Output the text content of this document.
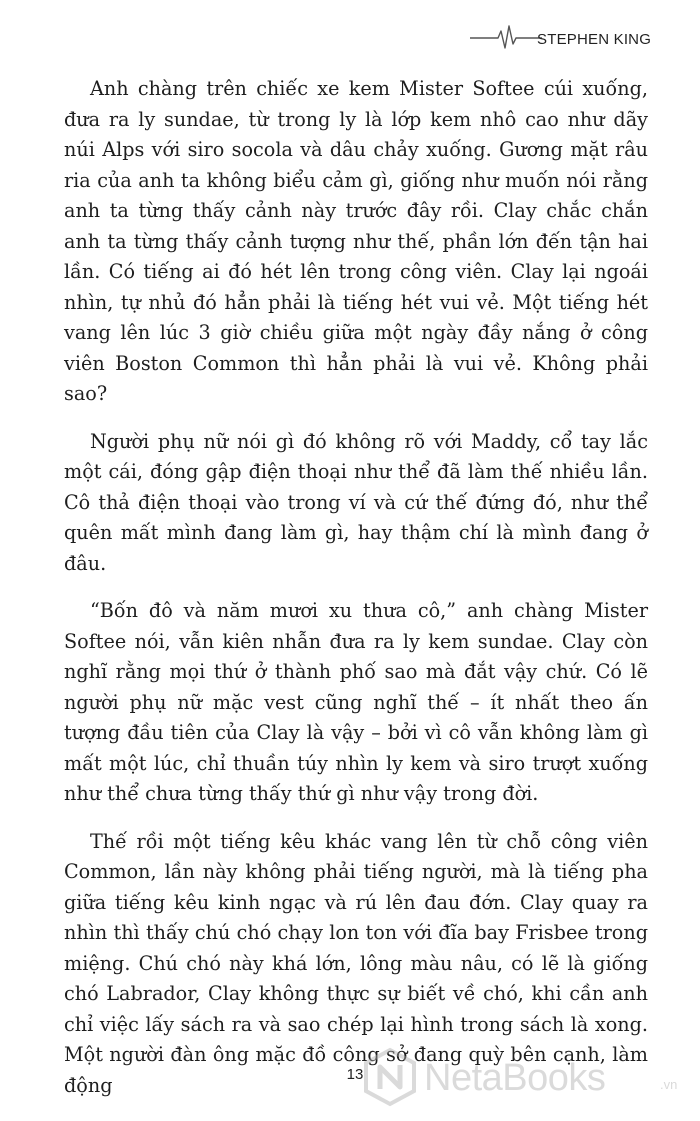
STEPHEN KING

Anh chàng trên chiếc xe kem Mister Softee cúi xuống, đưa ra ly sundae, từ trong ly là lớp kem nhô cao như dãy núi Alps với siro socola và dâu chảy xuống. Gương mặt râu ria của anh ta không biểu cảm gì, giống như muốn nói rằng anh ta từng thấy cảnh này trước đây rồi. Clay chắc chắn anh ta từng thấy cảnh tượng như thế, phần lớn đến tận hai lần. Có tiếng ai đó hét lên trong công viên. Clay lại ngoái nhìn, tự nhủ đó hẳn phải là tiếng hét vui vẻ. Một tiếng hét vang lên lúc 3 giờ chiều giữa một ngày đầy nắng ở công viên Boston Common thì hẳn phải là vui vẻ. Không phải sao?

Người phụ nữ nói gì đó không rõ với Maddy, cổ tay lắc một cái, đóng gập điện thoại như thể đã làm thế nhiều lần. Cô thả điện thoại vào trong ví và cứ thế đứng đó, như thể quên mất mình đang làm gì, hay thậm chí là mình đang ở đâu.

“Bốn đô và năm mươi xu thưa cô,” anh chàng Mister Softee nói, vẫn kiên nhẫn đưa ra ly kem sundae. Clay còn nghĩ rằng mọi thứ ở thành phố sao mà đắt vậy chứ. Có lẽ người phụ nữ mặc vest cũng nghĩ thế – ít nhất theo ấn tượng đầu tiên của Clay là vậy – bởi vì cô vẫn không làm gì mất một lúc, chỉ thuần túy nhìn ly kem và siro trượt xuống như thể chưa từng thấy thứ gì như vậy trong đời.

Thế rồi một tiếng kêu khác vang lên từ chỗ công viên Common, lần này không phải tiếng người, mà là tiếng pha giữa tiếng kêu kinh ngạc và rú lên đau đớn. Clay quay ra nhìn thì thấy chú chó chạy lon ton với đĩa bay Frisbee trong miệng. Chú chó này khá lớn, lông màu nâu, có lẽ là giống chó Labrador, Clay không thực sự biết về chó, khi cần anh chỉ việc lấy sách ra và sao chép lại hình trong sách là xong. Một người đàn ông mặc đồ công sở đang quỳ bên cạnh, làm động	13	NetaBooks	.vn
